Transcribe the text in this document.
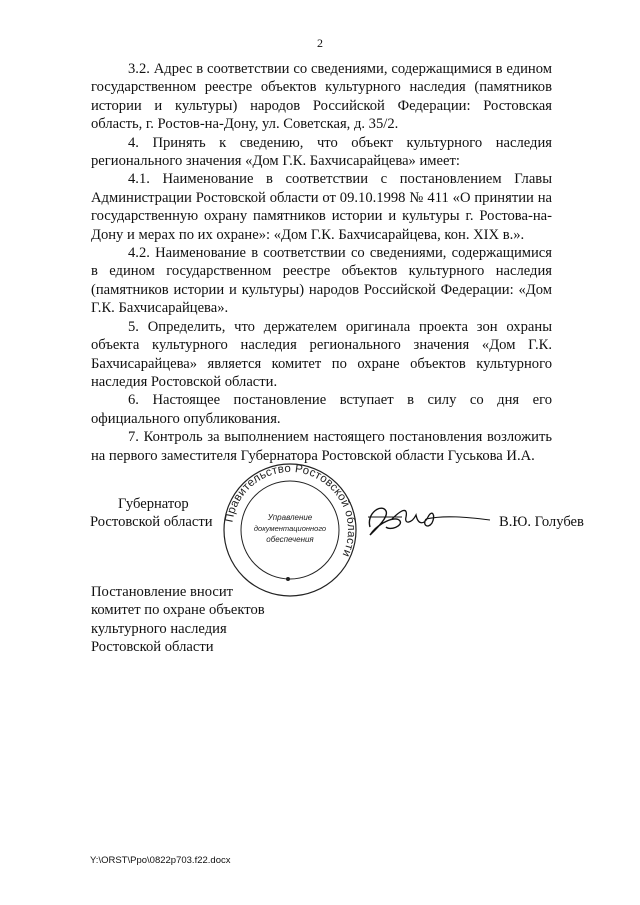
2

3.2. Адрес в соответствии со сведениями, содержащимися в едином государственном реестре объектов культурного наследия (памятников истории и культуры) народов Российской Федерации: Ростовская область, г. Ростов-на-Дону, ул. Советская, д. 35/2.

4. Принять к сведению, что объект культурного наследия регионального значения «Дом Г.К. Бахчисарайцева» имеет:

4.1. Наименование в соответствии с постановлением Главы Администрации Ростовской области от 09.10.1998 № 411 «О принятии на государственную охрану памятников истории и культуры г. Ростова-на-Дону и мерах по их охране»: «Дом Г.К. Бахчисарайцева, кон. XIX в.».

4.2. Наименование в соответствии со сведениями, содержащимися в едином государственном реестре объектов культурного наследия (памятников истории и культуры) народов Российской Федерации: «Дом Г.К. Бахчисарайцева».

5. Определить, что держателем оригинала проекта зон охраны объекта культурного наследия регионального значения «Дом Г.К. Бахчисарайцева» является комитет по охране объектов культурного наследия Ростовской области.

6. Настоящее постановление вступает в силу со дня его официального опубликования.

7. Контроль за выполнением настоящего постановления возложить на первого заместителя Губернатора Ростовской области Гуськова И.А.

Губернатор
Ростовской области Правительство Ростовской области
Управление
документационного
обеспечения
В.Ю. Голубев
Постановление вносит
комитет по охране объектов
культурного наследия
Ростовской области
Y:\ORST\Ppo\0822p703.f22.docx
